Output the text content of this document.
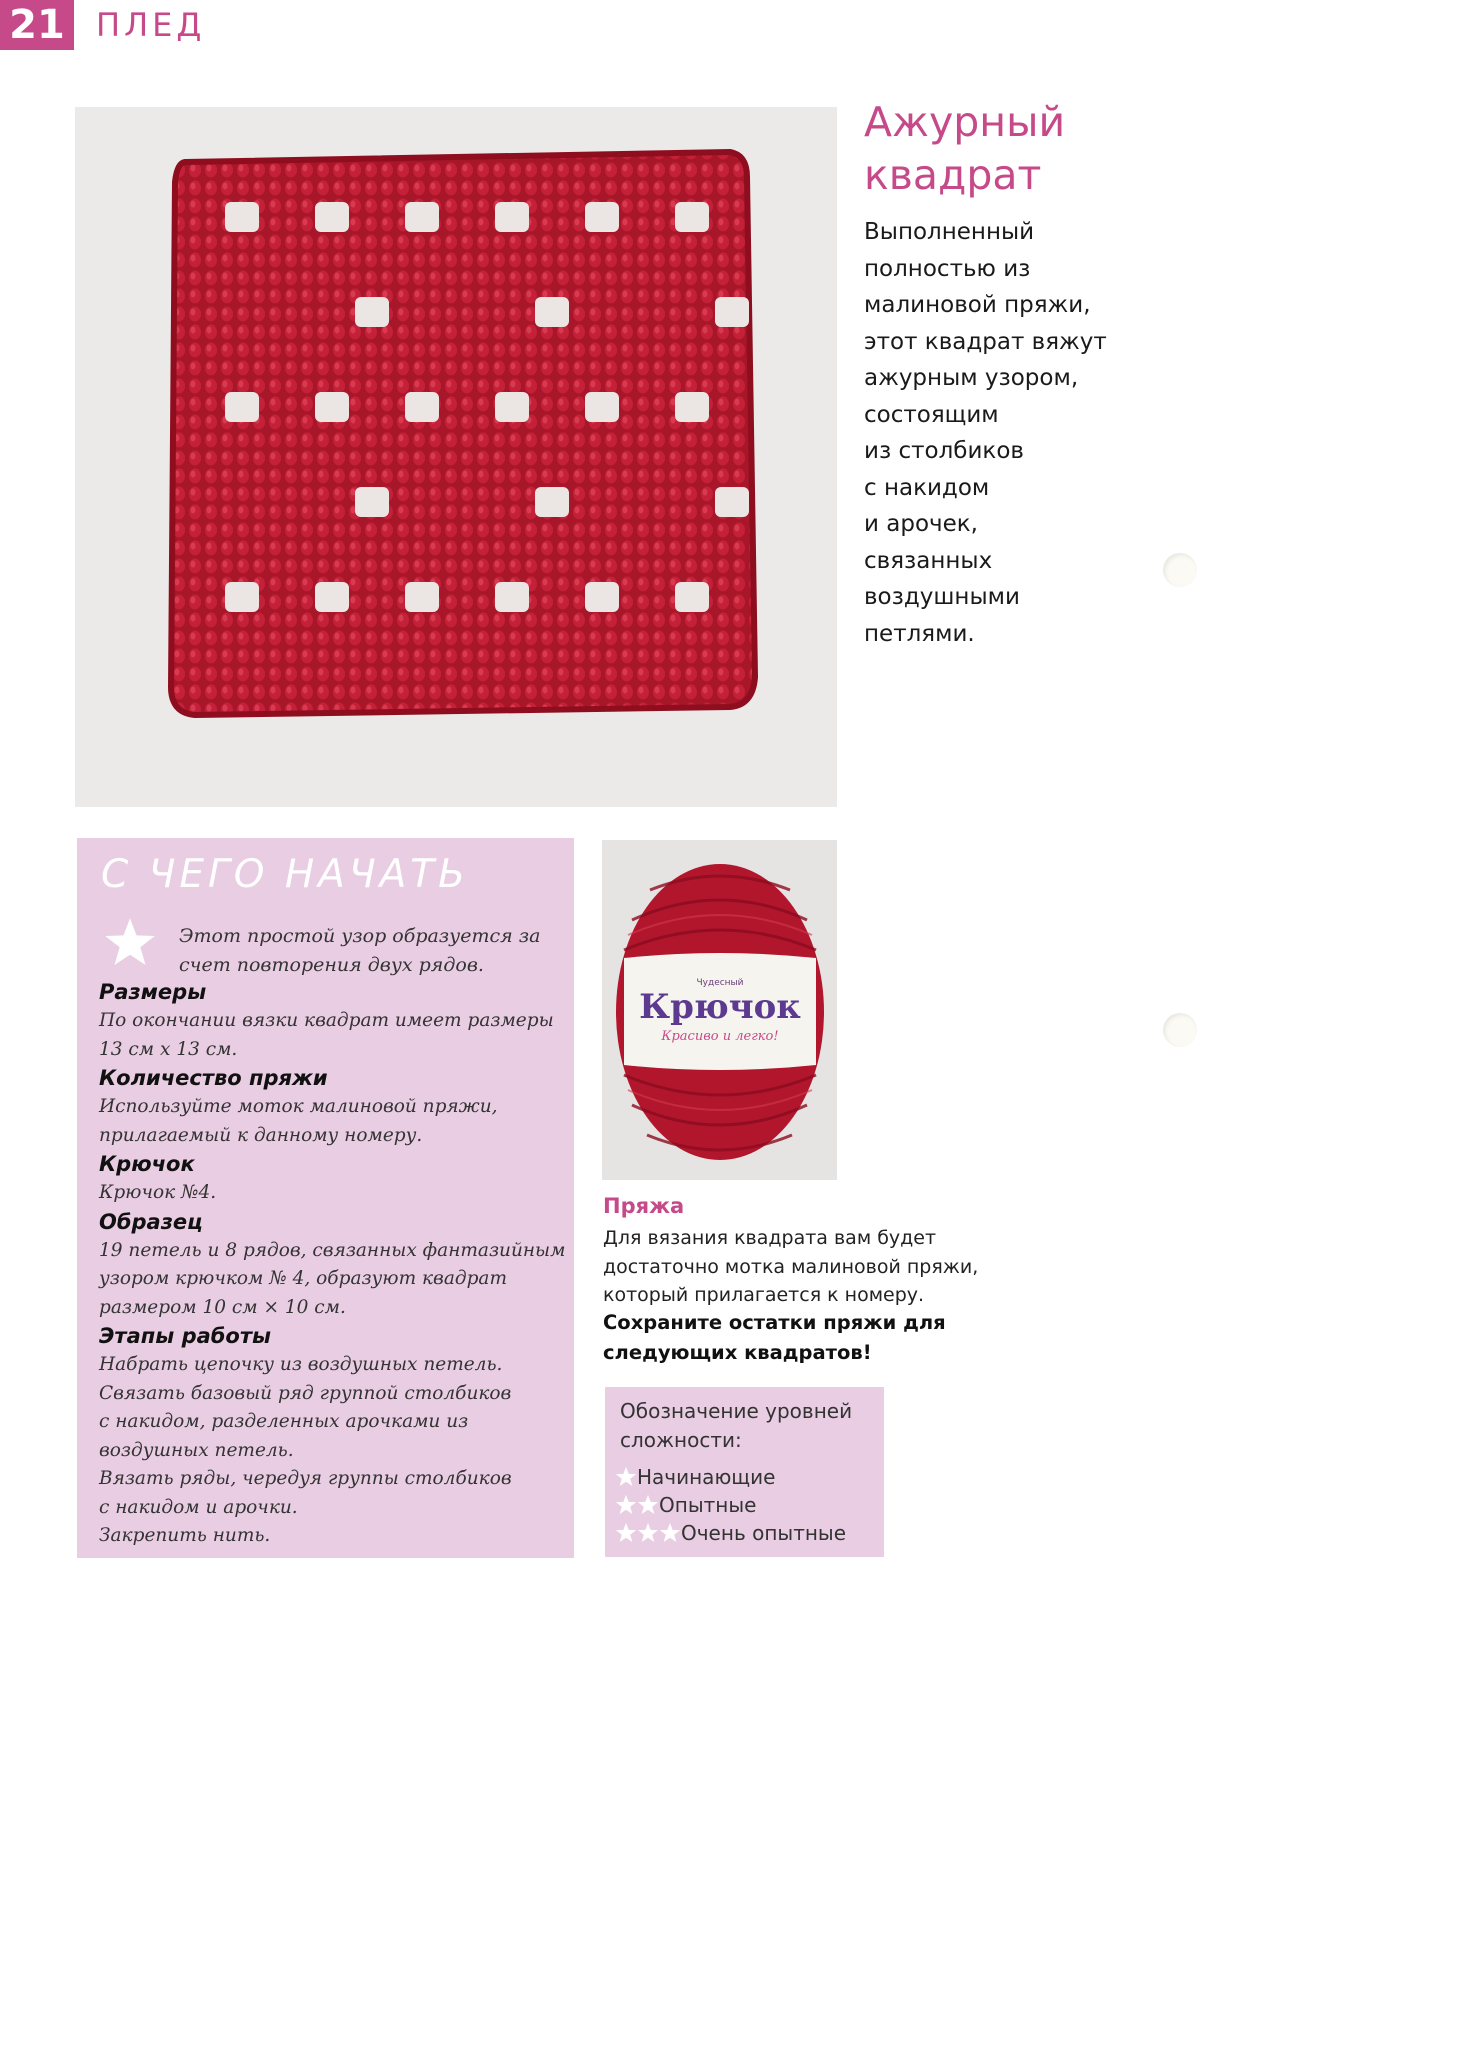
21 ПЛЕД
Ажурный
квадрат
Выполненный
полностью из
малиновой пряжи,
этот квадрат вяжут
ажурным узором,
состоящим
из столбиков
с накидом
и арочек,
связанных
воздушными
петлями.
С ЧЕГО НАЧАТЬ
Этот простой узор образуется за
счет повторения двух рядов.
Размеры
По окончании вязки квадрат имеет размеры
13 см х 13 см.
Количество пряжи
Используйте моток малиновой пряжи,
прилагаемый к данному номеру.
Крючок
Крючок №4.
Образец
19 петель и 8 рядов, связанных фантазийным
узором крючком № 4, образуют квадрат
размером 10 см × 10 см.
Этапы работы
Набрать цепочку из воздушных петель.
Связать базовый ряд группой столбиков
с накидом, разделенных арочками из
воздушных петель.
Вязать ряды, чередуя группы столбиков
с накидом и арочки.
Закрепить нить.
Чудесный
Крючок
Красиво и легко!
Пряжа
Для вязания квадрата вам будет
достаточно мотка малиновой пряжи,
который прилагается к номеру.
Сохраните остатки пряжи для
следующих квадратов!
Обозначение уровней
сложности:
Начинающие
Опытные
Очень опытные
